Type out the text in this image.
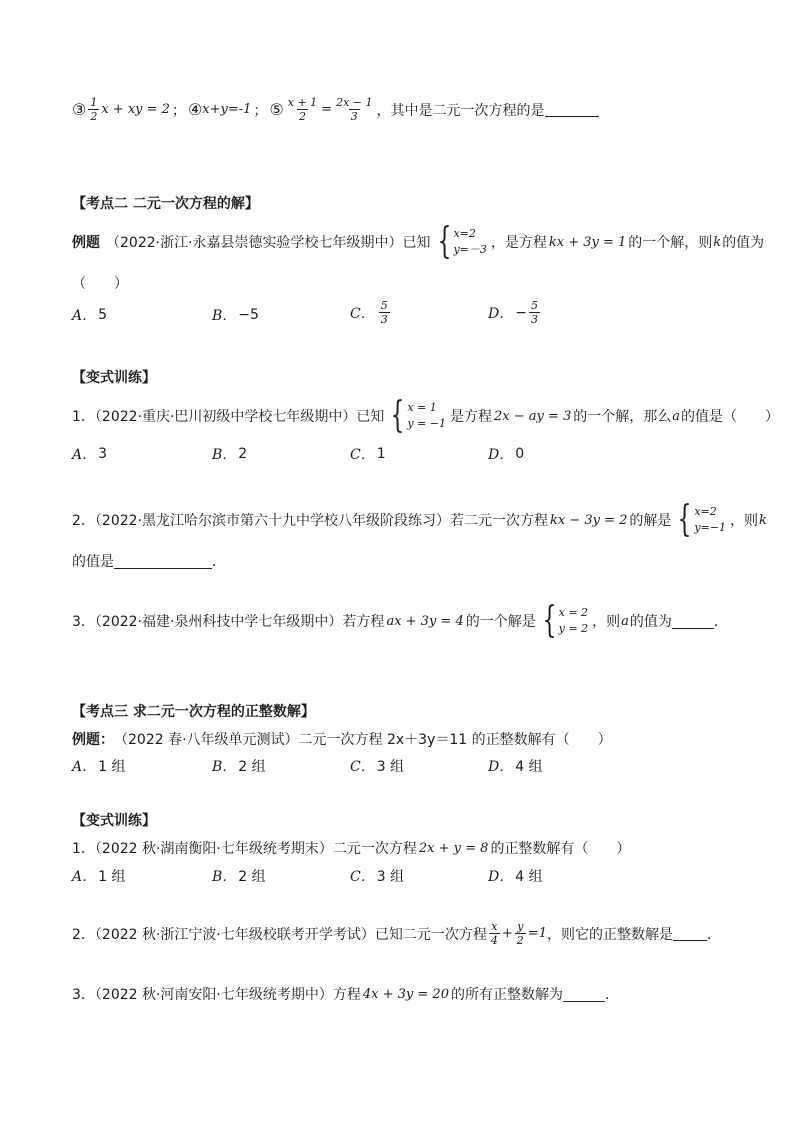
③ $\frac{1}{2}$ x + xy = 2 ； ④ x+y=-1 ； ⑤ $\frac{x + 1}{2} = \frac{2x - 1}{3}$ ，其中是二元一次方程的是
【考点二 二元一次方程的解】
例题 （2022·浙江·永嘉县崇德实验学校七年级期中）已知 { x=2
y=－3 ，是方程 kx + 3y = 1 的一个解，则 k 的值为
（　　）
A． 5	B． −5	C． $\frac{5}{3}$	D． − $\frac{5}{3}$
【变式训练】
1．（2022·重庆·巴川初级中学校七年级期中）已知 { x = 1
y = −1 是方程 2x − ay = 3 的一个解，那么 a 的值是（　　）
A． 3	B． 2	C． 1	D． 0
2．（2022·黑龙江哈尔滨市第六十九中学校八年级阶段练习）若二元一次方程 kx − 3y = 2 的解是 { x=2
y=−1 ，则 k
的值是	．
3．（2022·福建·泉州科技中学七年级期中）若方程 ax + 3y = 4 的一个解是 { x = 2
y = 2 ，则 a 的值为	．
【考点三 求二元一次方程的正整数解】
例题： （2022 春·八年级单元测试）二元一次方程 2x＋3y＝11 的正整数解有（　　）
A． 1 组	B． 2 组	C． 3 组	D． 4 组
【变式训练】
1．（2022 秋·湖南衡阳·七年级统考期末）二元一次方程 2x + y = 8 的正整数解有（　　）
A． 1 组	B． 2 组	C． 3 组	D． 4 组
2．（2022 秋·浙江宁波·七年级校联考开学考试）已知二元一次方程 $\frac{x}{4} + \frac{y}{2} =1$ ，则它的正整数解是 ．
3．（2022 秋·河南安阳·七年级统考期中）方程 4x + 3y = 20 的所有正整数解为	．
